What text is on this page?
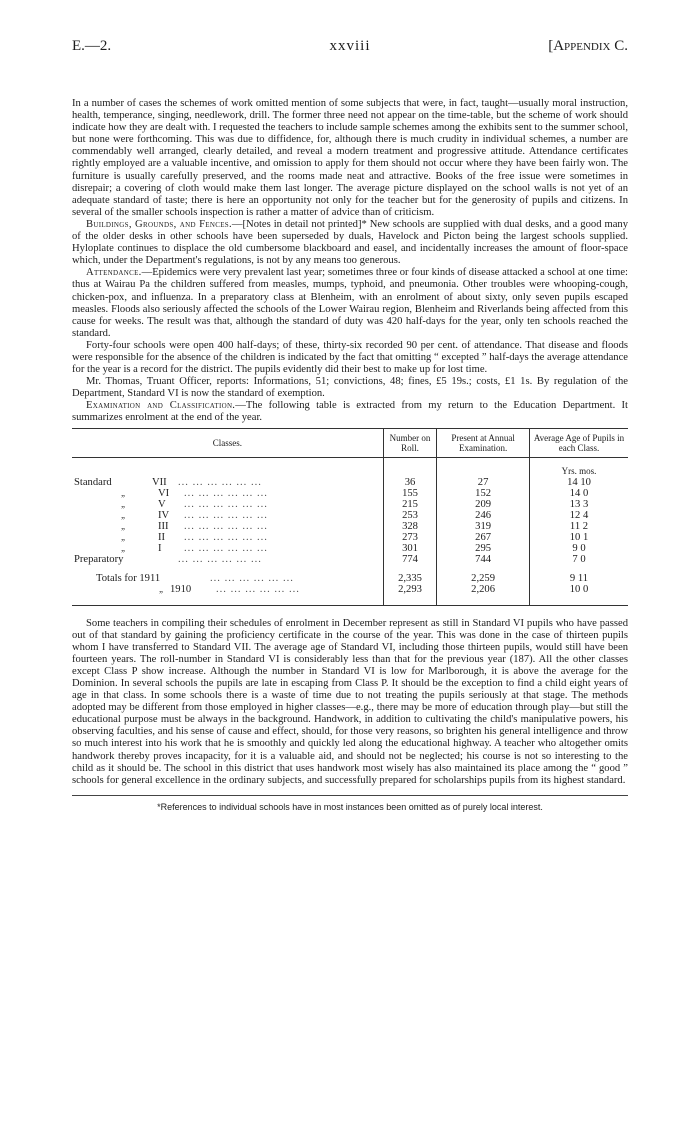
E.—2.	xxviii	[Appendix C.

In a number of cases the schemes of work omitted mention of some subjects that were, in fact, taught—usually moral instruction, health, temperance, singing, needlework, drill. The former three need not appear on the time-table, but the scheme of work should indicate how they are dealt with. I requested the teachers to include sample schemes among the exhibits sent to the summer school, but none were forthcoming. This was due to diffidence, for, although there is much crudity in individual schemes, a number are commendably well arranged, clearly detailed, and reveal a modern treatment and progressive attitude. Attendance certificates rightly employed are a valuable incentive, and omission to apply for them should not occur where they have been fairly won. The furniture is usually carefully preserved, and the rooms made neat and attractive. Books of the free issue were sometimes in disrepair; a covering of cloth would make them last longer. The average picture displayed on the school walls is not yet of an adequate standard of taste; there is here an opportunity not only for the teacher but for the generosity of pupils and citizens. In several of the smaller schools inspection is rather a matter of advice than of criticism.

Buildings, Grounds, and Fences.—[Notes in detail not printed]* New schools are supplied with dual desks, and a good many of the older desks in other schools have been superseded by duals, Havelock and Picton being the largest schools supplied. Hyloplate continues to displace the old cumbersome blackboard and easel, and incidentally increases the amount of floor-space which, under the Department's regulations, is not by any means too generous.

Attendance.—Epidemics were very prevalent last year; sometimes three or four kinds of disease attacked a school at one time: thus at Wairau Pa the children suffered from measles, mumps, typhoid, and pneumonia. Other troubles were whooping-cough, chicken-pox, and influenza. In a preparatory class at Blenheim, with an enrolment of about sixty, only seven pupils escaped measles. Floods also seriously affected the schools of the Lower Wairau region, Blenheim and Riverlands being affected from this cause for weeks. The result was that, although the standard of duty was 420 half-days for the year, only ten schools reached the standard.

Forty-four schools were open 400 half-days; of these, thirty-six recorded 90 per cent. of attendance. That disease and floods were responsible for the absence of the children is indicated by the fact that omitting “ excepted ” half-days the average attendance for the year is a record for the district. The pupils evidently did their best to make up for lost time.

Mr. Thomas, Truant Officer, reports: Informations, 51; convictions, 48; fines, £5 19s.; costs, £1 1s. By regulation of the Department, Standard VI is now the standard of exemption.

Examination and Classification.—The following table is extracted from my return to the Education Department. It summarizes enrolment at the end of the year.

Classes.	Number on Roll.	Present at Annual Examination.	Average Age of Pupils in each Class.

			Yrs. mos.
Standard VII ... ... ... ... ... ...	36	27	14 10
„ VI ... ... ... ... ... ...	155	152	14 0
„ V ... ... ... ... ... ...	215	209	13 3
„ IV ... ... ... ... ... ...	253	246	12 4
„ III ... ... ... ... ... ...	328	319	11 2
„ II ... ... ... ... ... ...	273	267	10 1
„ I ... ... ... ... ... ...	301	295	9 0
Preparatory ... ... ... ... ... ...	774	744	7 0

Totals for 1911 ... ... ... ... ... ...	2,335	2,259	9 11
„ 1910 ... ... ... ... ... ...	2,293	2,206	10 0

Some teachers in compiling their schedules of enrolment in December represent as still in Standard VI pupils who have passed out of that standard by gaining the proficiency certificate in the course of the year. This was done in the case of thirteen pupils whom I have transferred to Standard VII. The average age of Standard VI, including those thirteen pupils, would still have been fourteen years. The roll-number in Standard VI is considerably less than that for the previous year (187). All the other classes except Class P show increase. Although the number in Standard VI is low for Marlborough, it is above the average for the Dominion. In several schools the pupils are late in escaping from Class P. It should be the exception to find a child eight years of age in that class. In some schools there is a waste of time due to not treating the pupils seriously at that stage. The methods adopted may be different from those employed in higher classes—e.g., there may be more of education through play—but still the educational purpose must be always in the background. Handwork, in addition to cultivating the child's manipulative powers, his observing faculties, and his sense of cause and effect, should, for those very reasons, so brighten his general intelligence and throw so much interest into his work that he is smoothly and quickly led along the educational highway. A teacher who altogether omits handwork thereby proves incapacity, for it is a valuable aid, and should not be neglected; his course is not so interesting to the child as it should be. The school in this district that uses handwork most wisely has also maintained its place among the “ good ” schools for general excellence in the ordinary subjects, and successfully prepared for scholarships pupils from its highest standard.

*References to individual schools have in most instances been omitted as of purely local interest.
